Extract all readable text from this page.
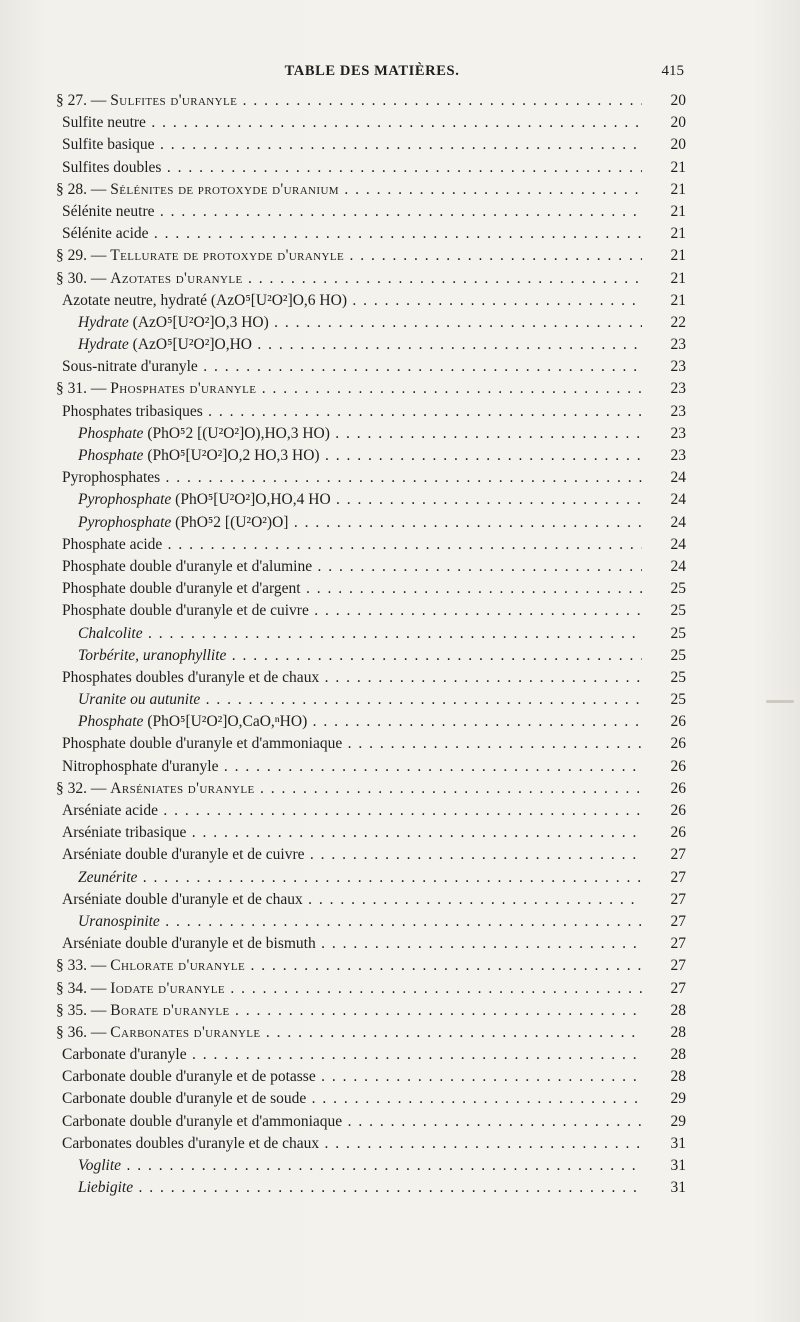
TABLE DES MATIÈRES.	415
§ 27. — Sulfites d'uranyle . . .	20
Sulfite neutre . . .	20
Sulfite basique . . .	20
Sulfites doubles . . .	21
§ 28. — Sélénites de protoxyde d'uranium . . .	21
Sélénite neutre . . .	21
Sélénite acide . . .	21
§ 29. — Tellurate de protoxyde d'uranyle . . .	21
§ 30. — Azotates d'uranyle . . .	21
Azotate neutre, hydraté (AzO⁵[U²O²]O,6 HO) . . .	21
Hydrate (AzO⁵[U²O²]O,3 HO) . . .	22
Hydrate (AzO⁵[U²O²]O,HO . . .	23
Sous-nitrate d'uranyle . . .	23
§ 31. — Phosphates d'uranyle . . .	23
Phosphates tribasiques . . .	23
Phosphate (PhO⁵2 [(U²O²]O),HO,3 HO) . . .	23
Phosphate (PhO⁵[U²O²]O,2 HO,3 HO) . . .	23
Pyrophosphates . . .	24
Pyrophosphate (PhO⁵[U²O²]O,HO,4 HO . . .	24
Pyrophosphate (PhO⁵2 [(U²O²)O] . . .	24
Phosphate acide . . .	24
Phosphate double d'uranyle et d'alumine . . .	24
Phosphate double d'uranyle et d'argent . . .	25
Phosphate double d'uranyle et de cuivre . . .	25
Chalcolite . . .	25
Torbérite, uranophyllite . . .	25
Phosphates doubles d'uranyle et de chaux . . .	25
Uranite ou autunite . . .	25
Phosphate (PhO⁵[U²O²]O,CaO,ⁿHO) . . .	26
Phosphate double d'uranyle et d'ammoniaque . . .	26
Nitrophosphate d'uranyle . . .	26
§ 32. — Arséniates d'uranyle . . .	26
Arséniate acide . . .	26
Arséniate tribasique . . .	26
Arséniate double d'uranyle et de cuivre . . .	27
Zeunérite . . .	27
Arséniate double d'uranyle et de chaux . . .	27
Uranospinite . . .	27
Arséniate double d'uranyle et de bismuth . . .	27
§ 33. — Chlorate d'uranyle . . .	27
§ 34. — Iodate d'uranyle . . .	27
§ 35. — Borate d'uranyle . . .	28
§ 36. — Carbonates d'uranyle . . .	28
Carbonate d'uranyle . . .	28
Carbonate double d'uranyle et de potasse . . .	28
Carbonate double d'uranyle et de soude . . .	29
Carbonate double d'uranyle et d'ammoniaque . . .	29
Carbonates doubles d'uranyle et de chaux . . .	31
Voglite . . .	31
Liebigite . . .	31
